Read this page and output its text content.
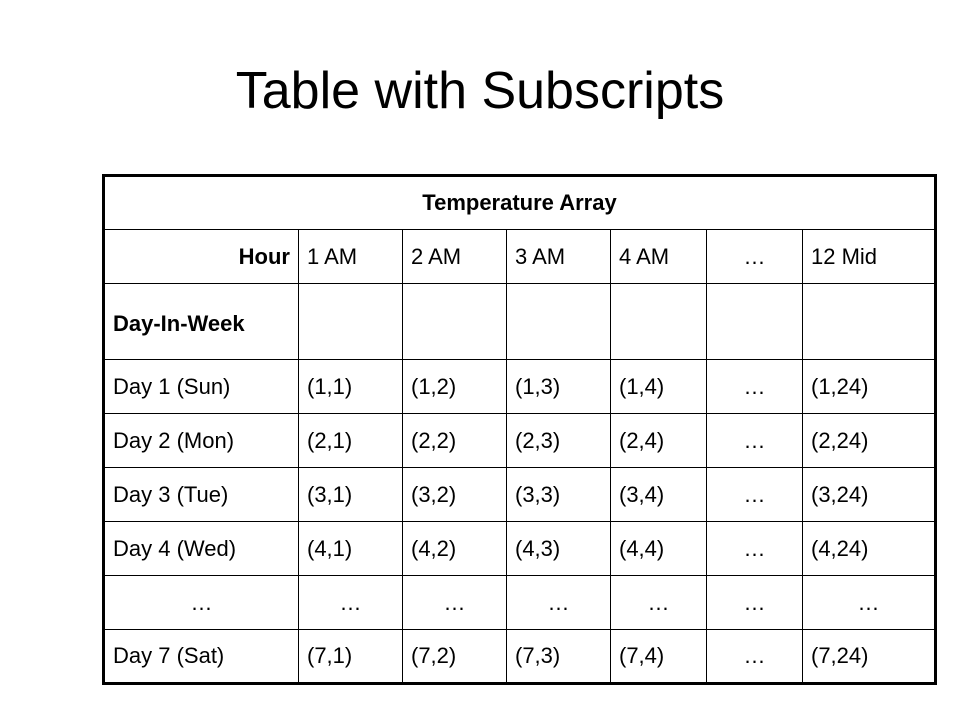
Table with Subscripts
Temperature Array						
Hour	1 AM	2 AM	3 AM	4 AM	…	12 Mid
Day-In-Week						
Day 1 (Sun)	(1,1)	(1,2)	(1,3)	(1,4)	…	(1,24)
Day 2 (Mon)	(2,1)	(2,2)	(2,3)	(2,4)	…	(2,24)
Day 3 (Tue)	(3,1)	(3,2)	(3,3)	(3,4)	…	(3,24)
Day 4 (Wed)	(4,1)	(4,2)	(4,3)	(4,4)	…	(4,24)
…	…	…	…	…	…	…
Day 7 (Sat)	(7,1)	(7,2)	(7,3)	(7,4)	…	(7,24)
